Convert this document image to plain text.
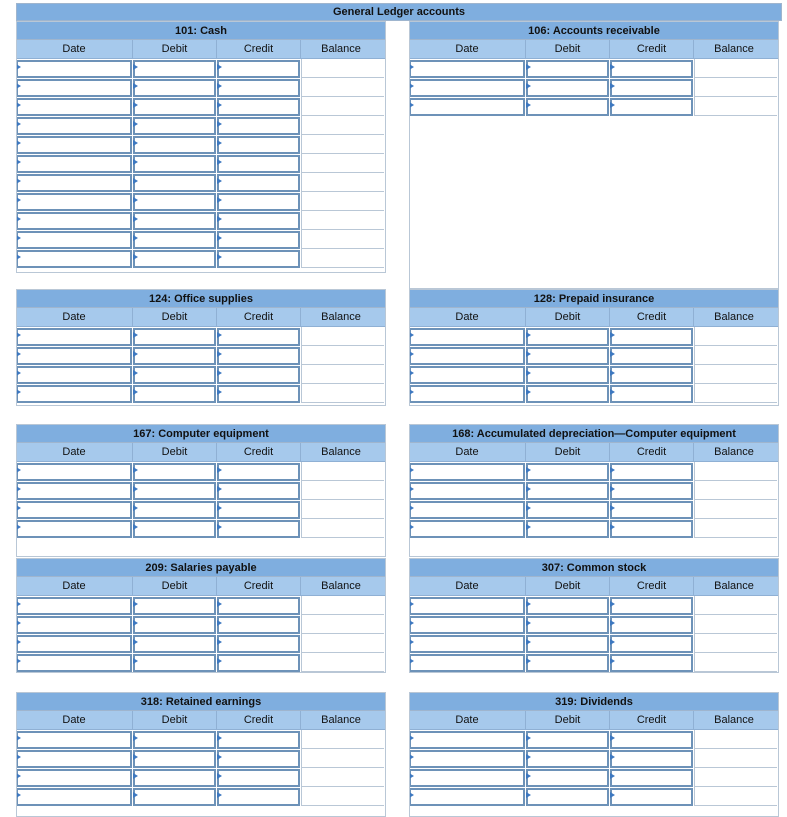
General Ledger accounts
101: Cash
Date	Debit	Credit	Balance
106: Accounts receivable
Date	Debit	Credit	Balance
124: Office supplies
Date	Debit	Credit	Balance
128: Prepaid insurance
Date	Debit	Credit	Balance
167: Computer equipment
Date	Debit	Credit	Balance
168: Accumulated depreciation—Computer equipment
Date	Debit	Credit	Balance
209: Salaries payable
Date	Debit	Credit	Balance
307: Common stock
Date	Debit	Credit	Balance
318: Retained earnings
Date	Debit	Credit	Balance
319: Dividends
Date	Debit	Credit	Balance
